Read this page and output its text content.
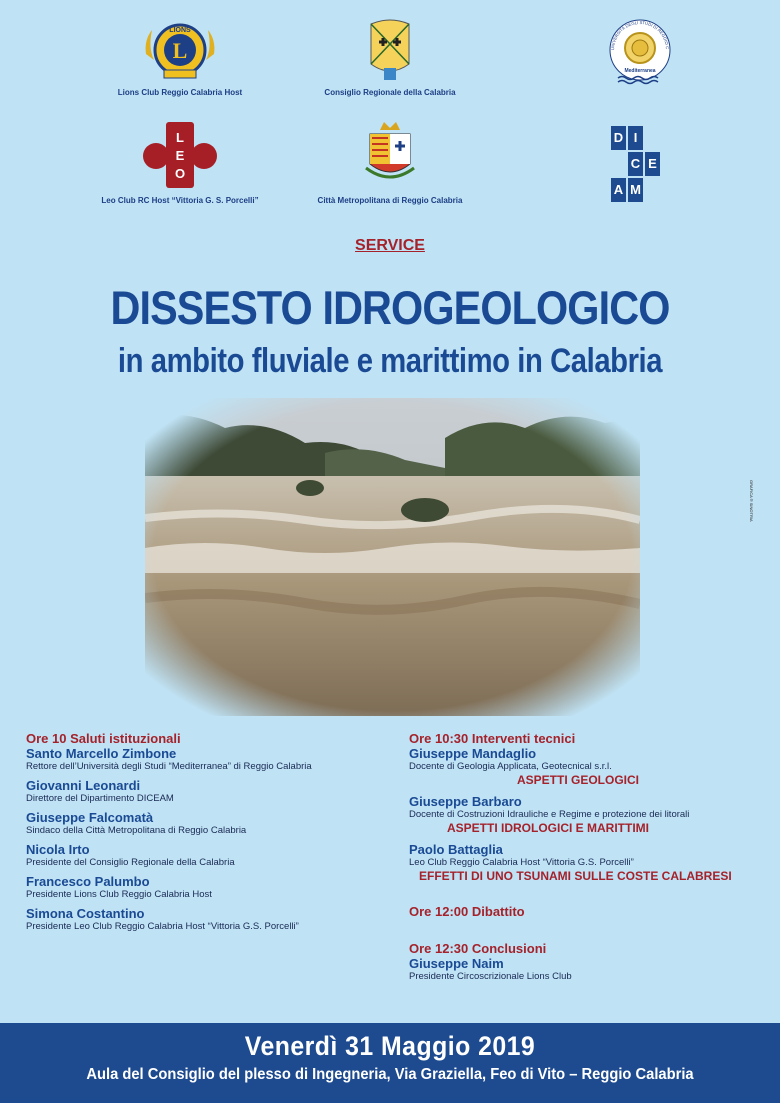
L
LIONS
Lions Club Reggio Calabria Host	Consiglio Regionale della Calabria
UNIVERSITÀ DEGLI STUDI DI REGGIO C
Mediterranea
L
E
O
Leo Club RC Host “Vittoria G. S. Porcelli”	Città Metropolitana di Reggio Calabria
D I
C E
A M
SERVICE
DISSESTO IDROGEOLOGICO
in ambito fluviale e marittimo in Calabria
GRAFICA ® SINOTRIA
Ore 10 Saluti istituzionali
Santo Marcello Zimbone
Rettore dell’Università degli Studi “Mediterranea” di Reggio Calabria
Giovanni Leonardi
Direttore del Dipartimento DICEAM
Giuseppe Falcomatà
Sindaco della Città Metropolitana di Reggio Calabria
Nicola Irto
Presidente del Consiglio Regionale della Calabria
Francesco Palumbo
Presidente Lions Club Reggio Calabria Host
Simona Costantino
Presidente Leo Club Reggio Calabria Host “Vittoria G.S. Porcelli”
Ore 10:30 Interventi tecnici
Giuseppe Mandaglio
Docente di Geologia Applicata, Geotecnical s.r.l.
ASPETTI GEOLOGICI
Giuseppe Barbaro
Docente di Costruzioni Idrauliche e Regime e protezione dei litorali
ASPETTI IDROLOGICI E MARITTIMI
Paolo Battaglia
Leo Club Reggio Calabria Host “Vittoria G.S. Porcelli”
EFFETTI DI UNO TSUNAMI SULLE COSTE CALABRESI
Ore 12:00 Dibattito
Ore 12:30 Conclusioni
Giuseppe Naim
Presidente Circoscrizionale Lions Club
Venerdì 31 Maggio 2019
Aula del Consiglio del plesso di Ingegneria, Via Graziella, Feo di Vito – Reggio Calabria
